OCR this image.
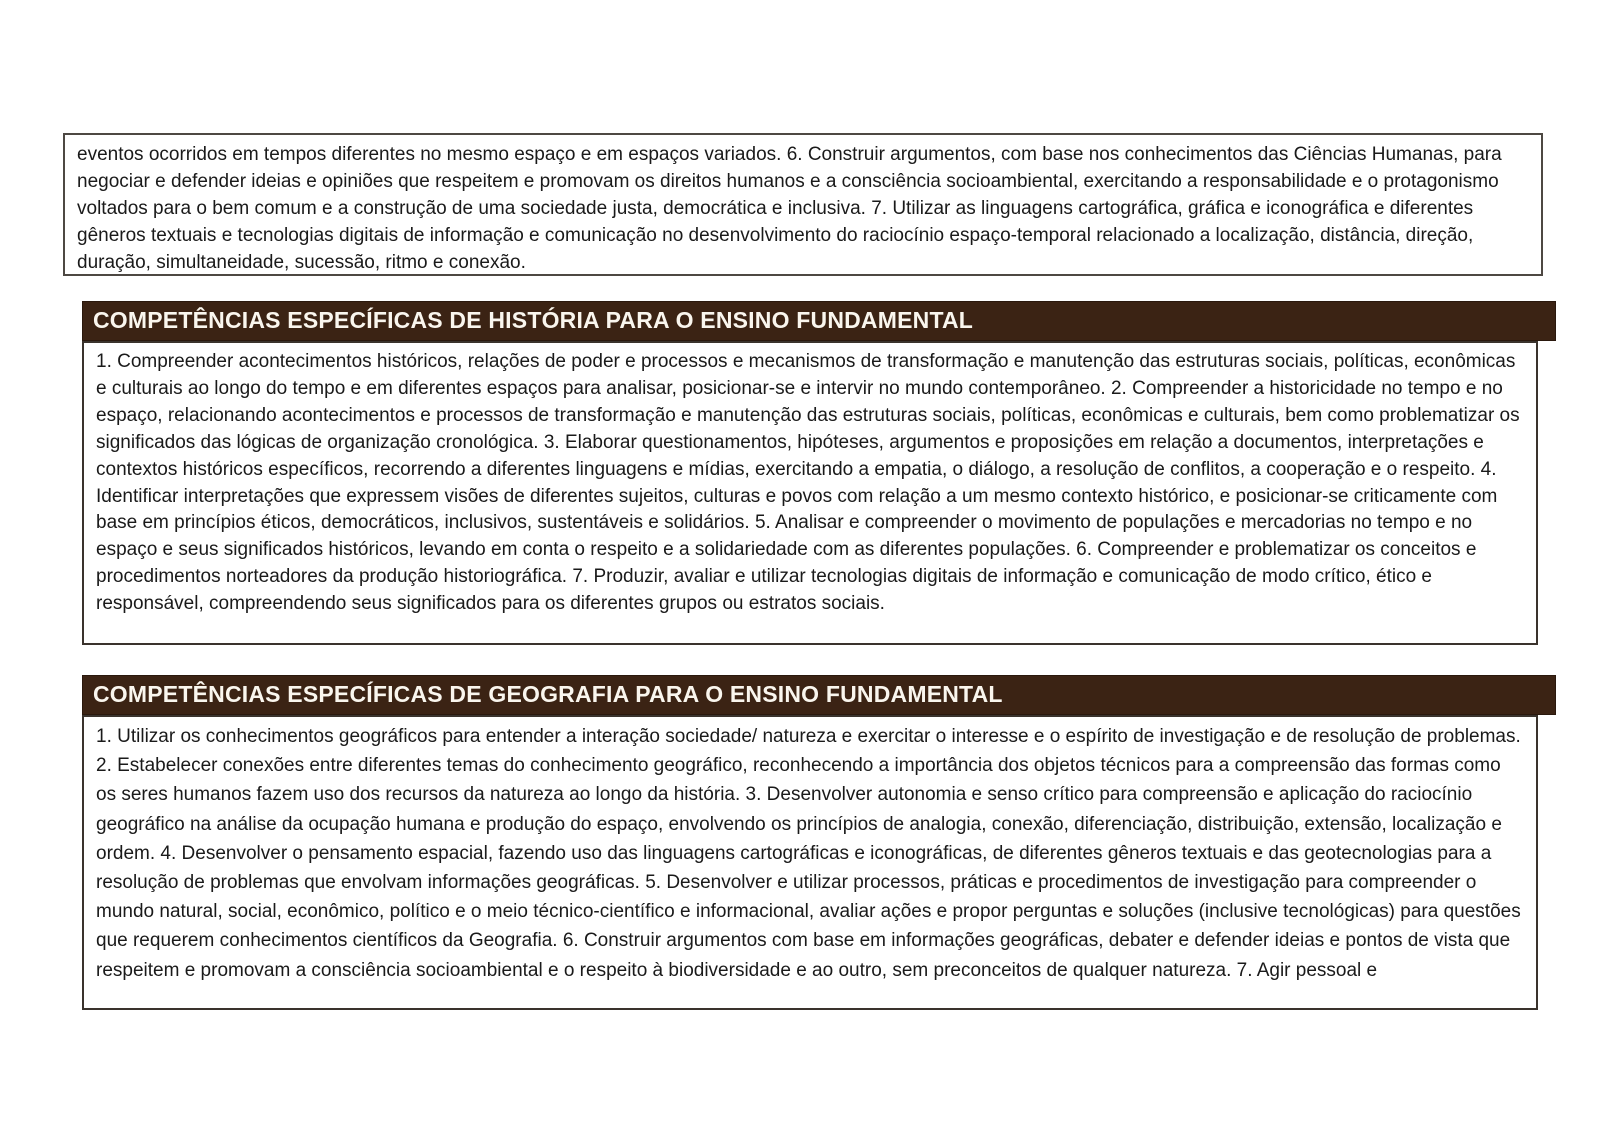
eventos ocorridos em tempos diferentes no mesmo espaço e em espaços variados. 6. Construir argumentos, com base nos conhecimentos das Ciências Humanas, para negociar e defender ideias e opiniões que respeitem e promovam os direitos humanos e a consciência socioambiental, exercitando a responsabilidade e o protagonismo voltados para o bem comum e a construção de uma sociedade justa, democrática e inclusiva. 7. Utilizar as linguagens cartográfica, gráfica e iconográfica e diferentes gêneros textuais e tecnologias digitais de informação e comunicação no desenvolvimento do raciocínio espaço-temporal relacionado a localização, distância, direção, duração, simultaneidade, sucessão, ritmo e conexão.
COMPETÊNCIAS ESPECÍFICAS DE HISTÓRIA PARA O ENSINO FUNDAMENTAL
1. Compreender acontecimentos históricos, relações de poder e processos e mecanismos de transformação e manutenção das estruturas sociais, políticas, econômicas e culturais ao longo do tempo e em diferentes espaços para analisar, posicionar-se e intervir no mundo contemporâneo. 2. Compreender a historicidade no tempo e no espaço, relacionando acontecimentos e processos de transformação e manutenção das estruturas sociais, políticas, econômicas e culturais, bem como problematizar os significados das lógicas de organização cronológica. 3. Elaborar questionamentos, hipóteses, argumentos e proposições em relação a documentos, interpretações e contextos históricos específicos, recorrendo a diferentes linguagens e mídias, exercitando a empatia, o diálogo, a resolução de conflitos, a cooperação e o respeito. 4. Identificar interpretações que expressem visões de diferentes sujeitos, culturas e povos com relação a um mesmo contexto histórico, e posicionar-se criticamente com base em princípios éticos, democráticos, inclusivos, sustentáveis e solidários. 5. Analisar e compreender o movimento de populações e mercadorias no tempo e no espaço e seus significados históricos, levando em conta o respeito e a solidariedade com as diferentes populações. 6. Compreender e problematizar os conceitos e procedimentos norteadores da produção historiográfica. 7. Produzir, avaliar e utilizar tecnologias digitais de informação e comunicação de modo crítico, ético e responsável, compreendendo seus significados para os diferentes grupos ou estratos sociais.
COMPETÊNCIAS ESPECÍFICAS DE GEOGRAFIA PARA O ENSINO FUNDAMENTAL
1. Utilizar os conhecimentos geográficos para entender a interação sociedade/ natureza e exercitar o interesse e o espírito de investigação e de resolução de problemas. 2. Estabelecer conexões entre diferentes temas do conhecimento geográfico, reconhecendo a importância dos objetos técnicos para a compreensão das formas como os seres humanos fazem uso dos recursos da natureza ao longo da história. 3. Desenvolver autonomia e senso crítico para compreensão e aplicação do raciocínio geográfico na análise da ocupação humana e produção do espaço, envolvendo os princípios de analogia, conexão, diferenciação, distribuição, extensão, localização e ordem. 4. Desenvolver o pensamento espacial, fazendo uso das linguagens cartográficas e iconográficas, de diferentes gêneros textuais e das geotecnologias para a resolução de problemas que envolvam informações geográficas. 5. Desenvolver e utilizar processos, práticas e procedimentos de investigação para compreender o mundo natural, social, econômico, político e o meio técnico-científico e informacional, avaliar ações e propor perguntas e soluções (inclusive tecnológicas) para questões que requerem conhecimentos científicos da Geografia. 6. Construir argumentos com base em informações geográficas, debater e defender ideias e pontos de vista que respeitem e promovam a consciência socioambiental e o respeito à biodiversidade e ao outro, sem preconceitos de qualquer natureza. 7. Agir pessoal e
